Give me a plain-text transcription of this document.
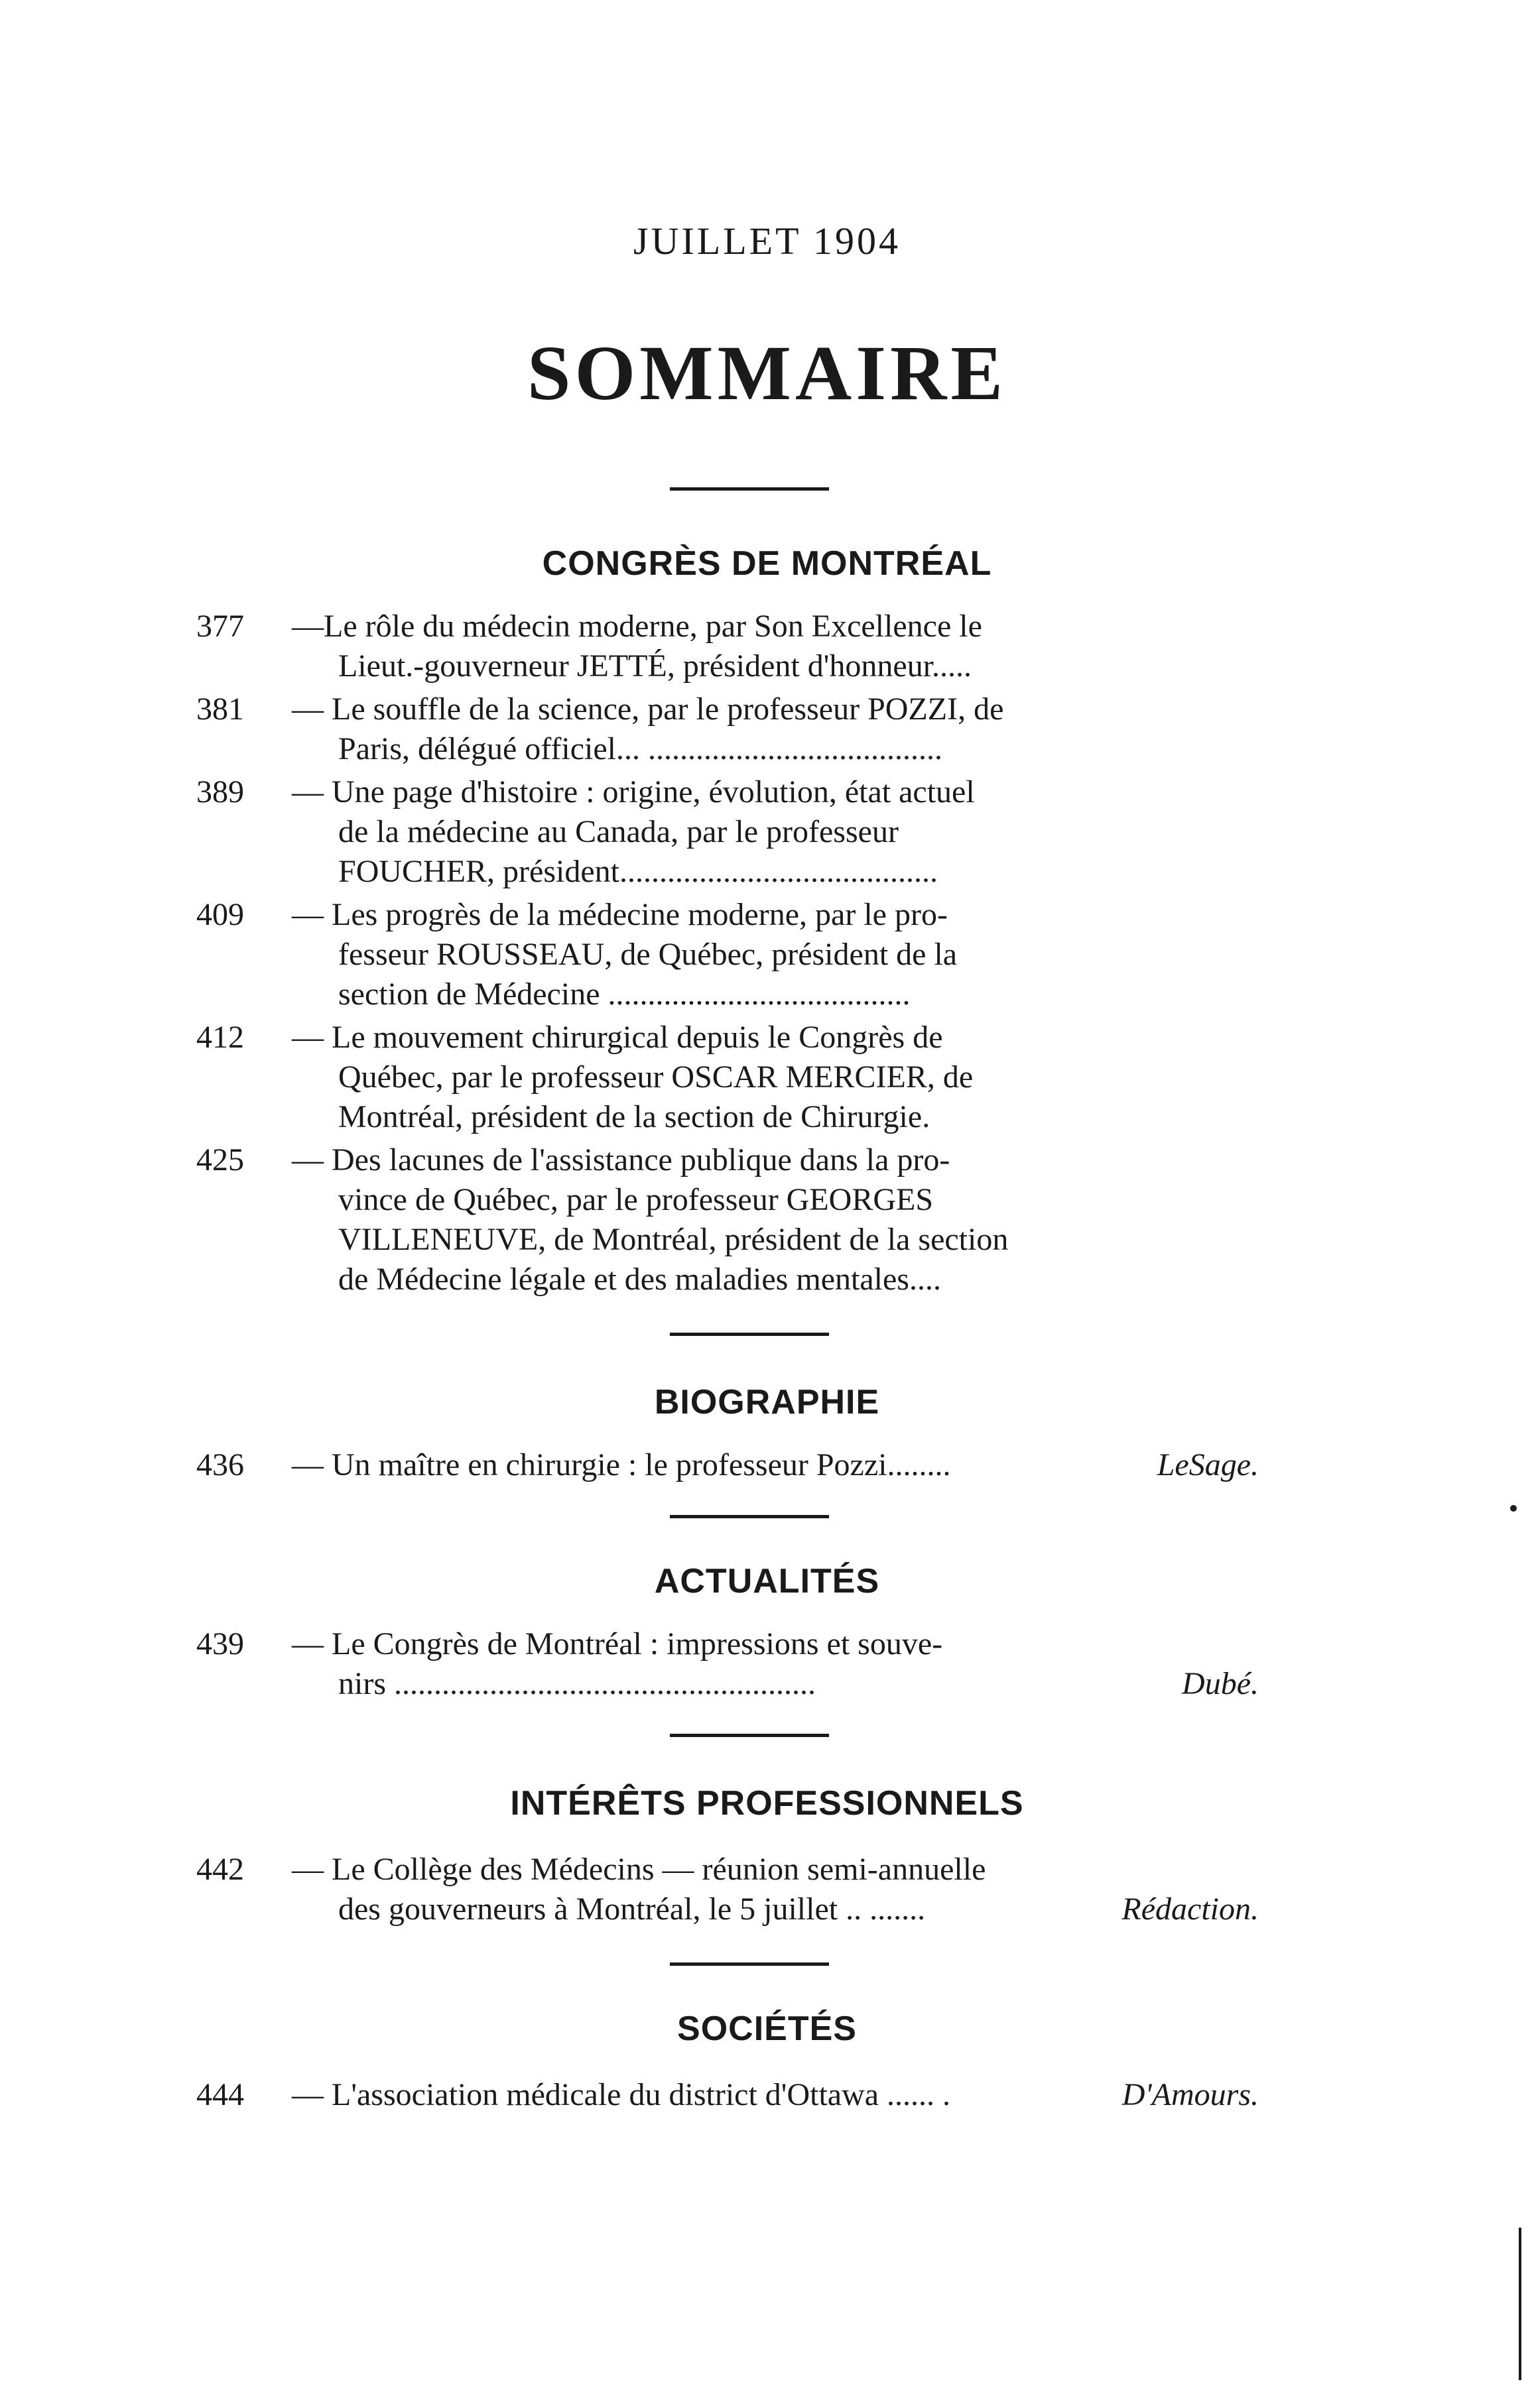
JUILLET 1904
SOMMAIRE
CONGRÈS DE MONTRÉAL
377 —Le rôle du médecin moderne, par Son Excellence le
Lieut.-gouverneur JETTÉ, président d'honneur.....
381 — Le souffle de la science, par le professeur POZZI, de
Paris, délégué officiel... .....................................
389 — Une page d'histoire : origine, évolution, état actuel
de la médecine au Canada, par le professeur
FOUCHER, président........................................
409 — Les progrès de la médecine moderne, par le pro-
fesseur ROUSSEAU, de Québec, président de la
section de Médecine ......................................
412 — Le mouvement chirurgical depuis le Congrès de
Québec, par le professeur OSCAR MERCIER, de
Montréal, président de la section de Chirurgie.
425 — Des lacunes de l'assistance publique dans la pro-
vince de Québec, par le professeur GEORGES
VILLENEUVE, de Montréal, président de la section
de Médecine légale et des maladies mentales....
BIOGRAPHIE
436 — Un maître en chirurgie : le professeur Pozzi........	LeSage.
ACTUALITÉS
439 — Le Congrès de Montréal : impressions et souve-
nirs .....................................................	Dubé.
INTÉRÊTS PROFESSIONNELS
442 — Le Collège des Médecins — réunion semi-annuelle
des gouverneurs à Montréal, le 5 juillet .. .......	Rédaction.
SOCIÉTÉS
444 — L'association médicale du district d'Ottawa ...... .	D'Amours.
